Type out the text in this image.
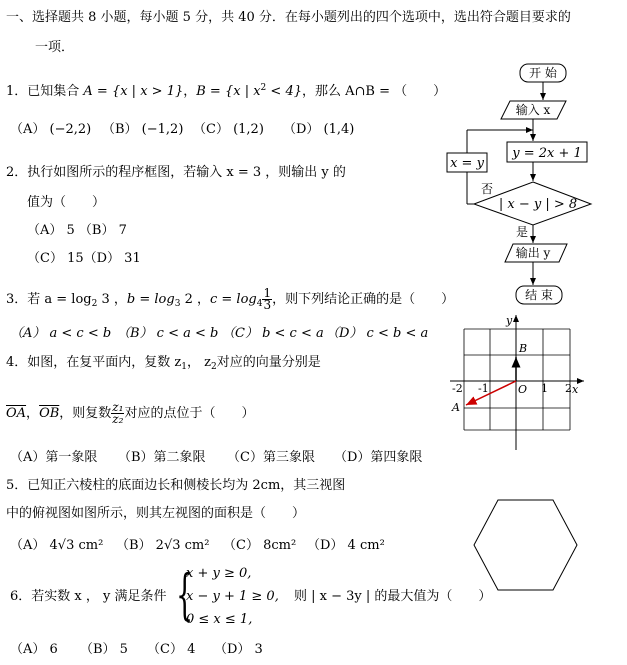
一、选择题共 8 小题，每小题 5 分，共 40 分．在每小题列出的四个选项中，选出符合题目要求的
一项．
1．已知集合 A = {x | x > 1}，B = {x | $x^2 < 4$}，那么 A∩B = （　　）
（A） (−2,2) （B） (−1,2) （C） (1,2) （D） (1,4)
2．执行如图所示的程序框图，若输入 x = 3 ，则输出 y 的
值为（　　）
（A） 5 （B） 7
（C） 15（D） 31
3．若 $a = \log_2 3$ ，$b = \log_3 2$ ，$c = \log_4 \frac{1}{3}$ ，则下列结论正确的是（　　）
（A） a < c < b （B） c < a < b （C） b < c < a （D） c < b < a
4．如图，在复平面内，复数 $z_1$， $z_2$对应的向量分别是
$\overline{OA}$，$\overline{OB}$，则复数 $\frac{\text{z₁}}{\text{z₂}}$ 对应的点位于（　　）
（A）第一象限 （B）第二象限 （C）第三象限 （D）第四象限
5．已知正六棱柱的底面边长和侧棱长均为 2cm，其三视图
中的俯视图如图所示，则其左视图的面积是（　　）
（A） 4√3 cm² （B） 2√3 cm² （C） 8cm² （D） 4 cm²
6．若实数 x ， y 满足条件 {
x + y ≥ 0,
x − y + 1 ≥ 0,
0 ≤ x ≤ 1,
则 | x − 3y | 的最大值为（　　）
（A） 6 （B） 5 （C） 4 （D） 3
开 始
输入 x
y = 2x + 1
x = y
否
| x − y | > 8
是
输出 y
结 束
y
x
B
A
O
-2 -1	1 2
